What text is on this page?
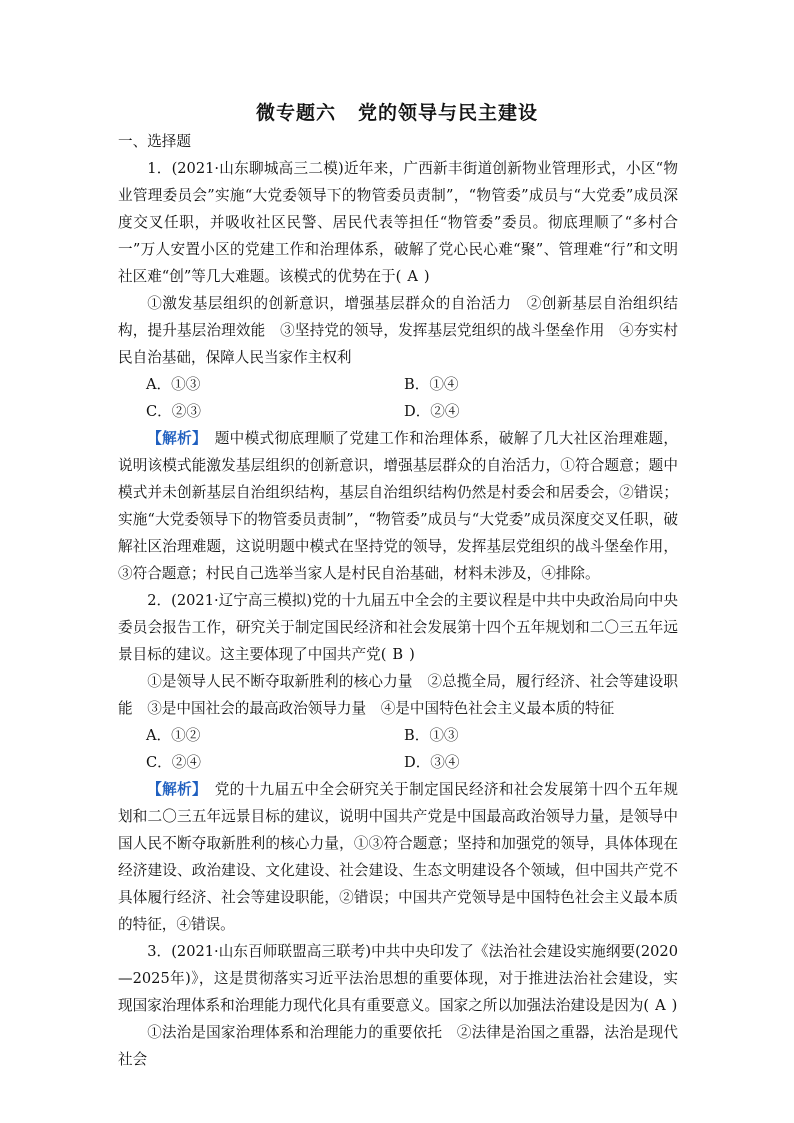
微专题六 党的领导与民主建设

一、选择题

1．(2021·山东聊城高三二模)近年来，广西新丰街道创新物业管理形式，小区“物业管理委员会”实施“大党委领导下的物管委员责制”，“物管委”成员与“大党委”成员深度交叉任职，并吸收社区民警、居民代表等担任“物管委”委员。彻底理顺了“多村合一”万人安置小区的党建工作和治理体系，破解了党心民心难“聚”、管理难“行”和文明社区难“创”等几大难题。该模式的优势在于( A )

①激发基层组织的创新意识，增强基层群众的自治活力　②创新基层自治组织结构，提升基层治理效能　③坚持党的领导，发挥基层党组织的战斗堡垒作用　④夯实村民自治基础，保障人民当家作主权利

A．①③	B．①④
C．②③	D．②④

【解析】　 题中模式彻底理顺了党建工作和治理体系，破解了几大社区治理难题，说明该模式能激发基层组织的创新意识，增强基层群众的自治活力，①符合题意；题中模式并未创新基层自治组织结构，基层自治组织结构仍然是村委会和居委会，②错误；实施“大党委领导下的物管委员责制”，“物管委”成员与“大党委”成员深度交叉任职，破解社区治理难题，这说明题中模式在坚持党的领导，发挥基层党组织的战斗堡垒作用，③符合题意；村民自己选举当家人是村民自治基础，材料未涉及，④排除。

2．(2021·辽宁高三模拟)党的十九届五中全会的主要议程是中共中央政治局向中央委员会报告工作，研究关于制定国民经济和社会发展第十四个五年规划和二〇三五年远景目标的建议。这主要体现了中国共产党( B )

①是领导人民不断夺取新胜利的核心力量　②总揽全局，履行经济、社会等建设职能　③是中国社会的最高政治领导力量　④是中国特色社会主义最本质的特征

A．①②	B．①③
C．②④	D．③④

【解析】　 党的十九届五中全会研究关于制定国民经济和社会发展第十四个五年规划和二〇三五年远景目标的建议，说明中国共产党是中国最高政治领导力量，是领导中国人民不断夺取新胜利的核心力量，①③符合题意；坚持和加强党的领导，具体体现在经济建设、政治建设、文化建设、社会建设、生态文明建设各个领域，但中国共产党不具体履行经济、社会等建设职能，②错误；中国共产党领导是中国特色社会主义最本质的特征，④错误。

3．(2021·山东百师联盟高三联考)中共中央印发了《法治社会建设实施纲要(2020—2025年)》，这是贯彻落实习近平法治思想的重要体现，对于推进法治社会建设，实现国家治理体系和治理能力现代化具有重要意义。国家之所以加强法治建设是因为( A )

①法治是国家治理体系和治理能力的重要依托　②法律是治国之重器，法治是现代社会
